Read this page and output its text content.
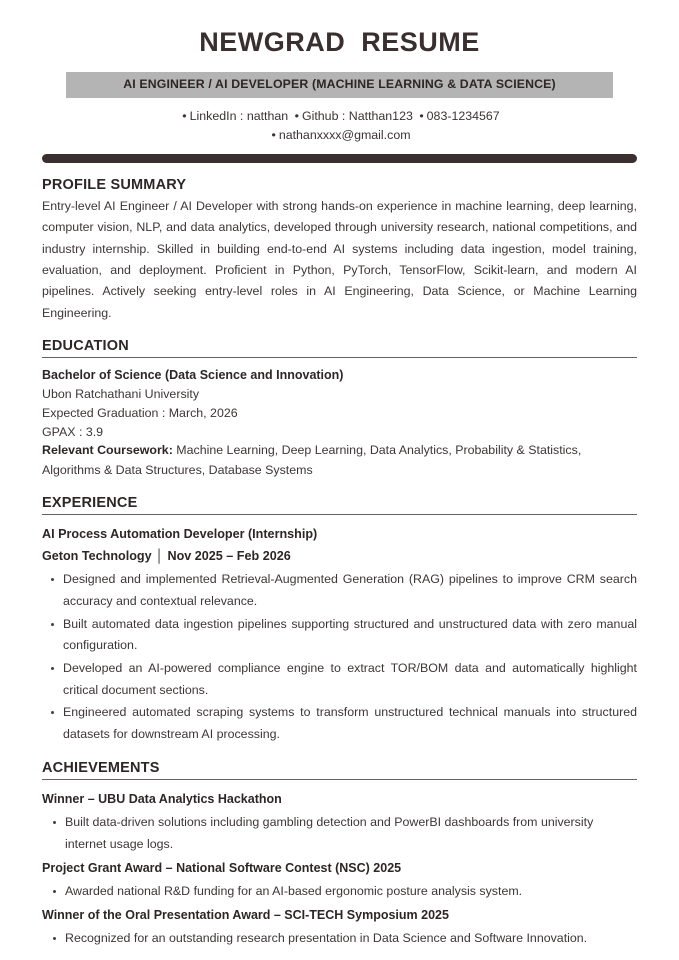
NEWGRAD  RESUME
AI ENGINEER / AI DEVELOPER (MACHINE LEARNING & DATA SCIENCE)
• LinkedIn : natthan • Github : Natthan123 • 083-1234567
• nathanxxxx@gmail.com
PROFILE SUMMARY

Entry-level AI Engineer / AI Developer with strong hands-on experience in machine learning, deep learning, computer vision, NLP, and data analytics, developed through university research, national competitions, and industry internship. Skilled in building end-to-end AI systems including data ingestion, model training, evaluation, and deployment. Proficient in Python, PyTorch, TensorFlow, Scikit-learn, and modern AI pipelines. Actively seeking entry-level roles in AI Engineering, Data Science, or Machine Learning Engineering.

EDUCATION
Bachelor of Science (Data Science and Innovation)
Ubon Ratchathani University
Expected Graduation : March, 2026
GPAX : 3.9
Relevant Coursework: Machine Learning, Deep Learning, Data Analytics, Probability & Statistics, Algorithms & Data Structures, Database Systems
EXPERIENCE
AI Process Automation Developer (Internship)
Geton Technology │ Nov 2025 – Feb 2026
Designed and implemented Retrieval-Augmented Generation (RAG) pipelines to improve CRM search accuracy and contextual relevance.
Built automated data ingestion pipelines supporting structured and unstructured data with zero manual configuration.
Developed an AI-powered compliance engine to extract TOR/BOM data and automatically highlight critical document sections.
Engineered automated scraping systems to transform unstructured technical manuals into structured datasets for downstream AI processing.
ACHIEVEMENTS
Winner – UBU Data Analytics Hackathon
Built data-driven solutions including gambling detection and PowerBI dashboards from university internet usage logs.
Project Grant Award – National Software Contest (NSC) 2025
Awarded national R&D funding for an AI-based ergonomic posture analysis system.
Winner of the Oral Presentation Award – SCI-TECH Symposium 2025
Recognized for an outstanding research presentation in Data Science and Software Innovation.
